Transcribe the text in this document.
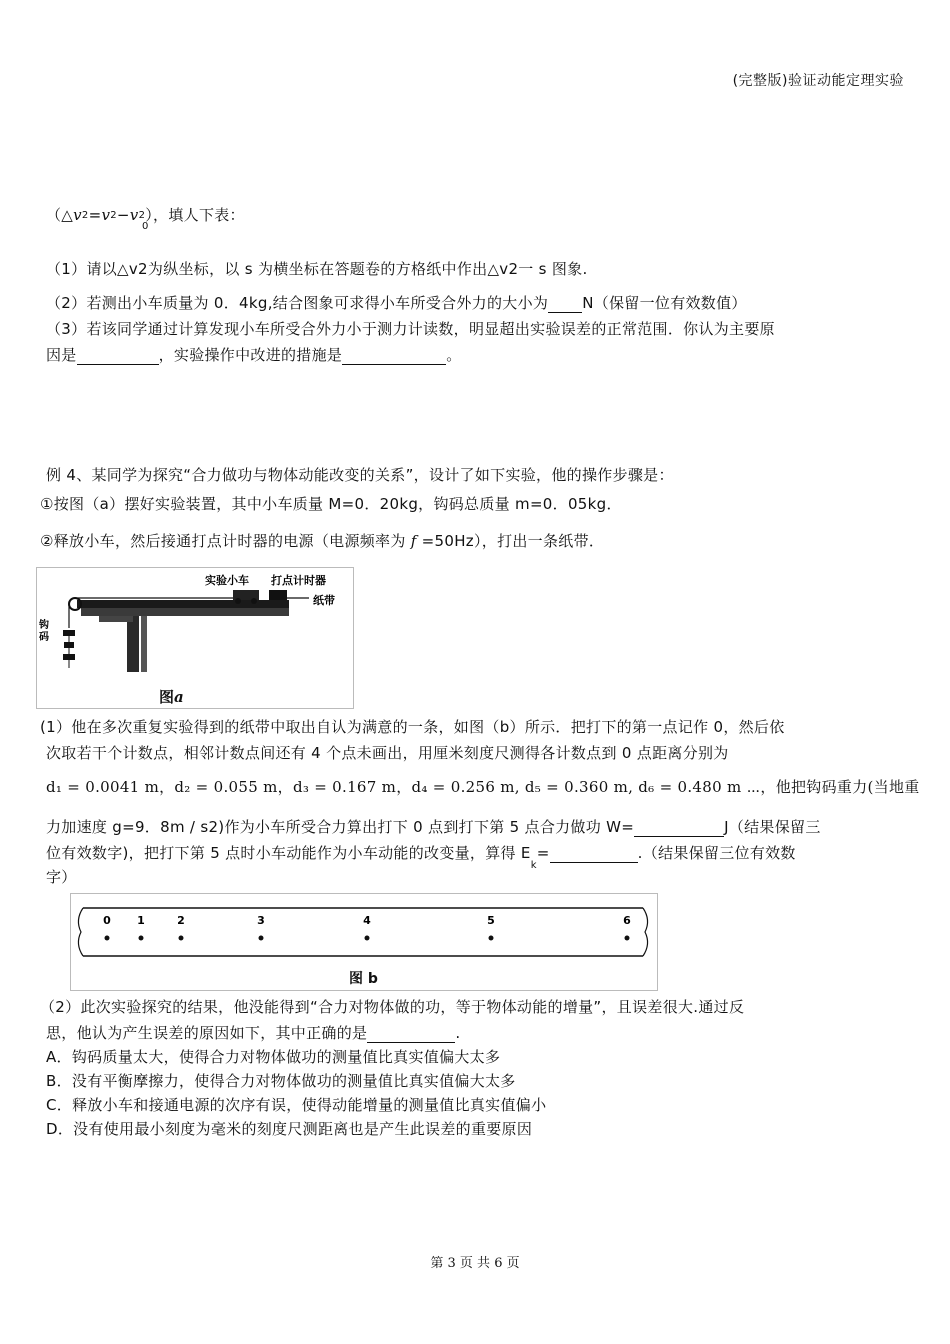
(完整版)验证动能定理实验
（△v2=v2−v2），填人下表：
0
（1）请以△v2为纵坐标，以 s 为横坐标在答题卷的方格纸中作出△v2一 s 图象.
（2）若测出小车质量为 0．4kg,结合图象可求得小车所受合外力的大小为 N（保留一位有效数值）
（3）若该同学通过计算发现小车所受合外力小于测力计读数，明显超出实验误差的正常范围．你认为主要原
因是	，实验操作中改进的措施是	。
例 4、某同学为探究“合力做功与物体动能改变的关系”，设计了如下实验，他的操作步骤是：
①按图（a）摆好实验装置，其中小车质量 M=0．20kg，钩码总质量 m=0．05kg．
②释放小车，然后接通打点计时器的电源（电源频率为 f =50Hz），打出一条纸带．
实验小车 打点计时器
纸带
钩
码
图a
(1）他在多次重复实验得到的纸带中取出自认为满意的一条，如图（b）所示．把打下的第一点记作 0，然后依
次取若干个计数点，相邻计数点间还有 4 个点未画出，用厘米刻度尺测得各计数点到 0 点距离分别为
d₁ = 0.0041 m，d₂ = 0.055 m，d₃ = 0.167 m，d₄ = 0.256 m, d₅ = 0.360 m, d₆ = 0.480 m ⋯，他把钩码重力(当地重
力加速度 g=9．8m / s2)作为小车所受合力算出打下 0 点到打下第 5 点合力做功 W=	J（结果保留三
位有效数字)，把打下第 5 点时小车动能作为小车动能的改变量，算得 $E_k=$	.（结果保留三位有效数
字）
0 1	2	3	4	5	6
图 b
（2）此次实验探究的结果，他没能得到“合力对物体做的功，等于物体动能的增量”，且误差很大.通过反
思，他认为产生误差的原因如下，其中正确的是	.
A．钩码质量太大，使得合力对物体做功的测量值比真实值偏大太多
B．没有平衡摩擦力，使得合力对物体做功的测量值比真实值偏大太多
C．释放小车和接通电源的次序有误，使得动能增量的测量值比真实值偏小
D．没有使用最小刻度为毫米的刻度尺测距离也是产生此误差的重要原因
第 3 页 共 6 页
